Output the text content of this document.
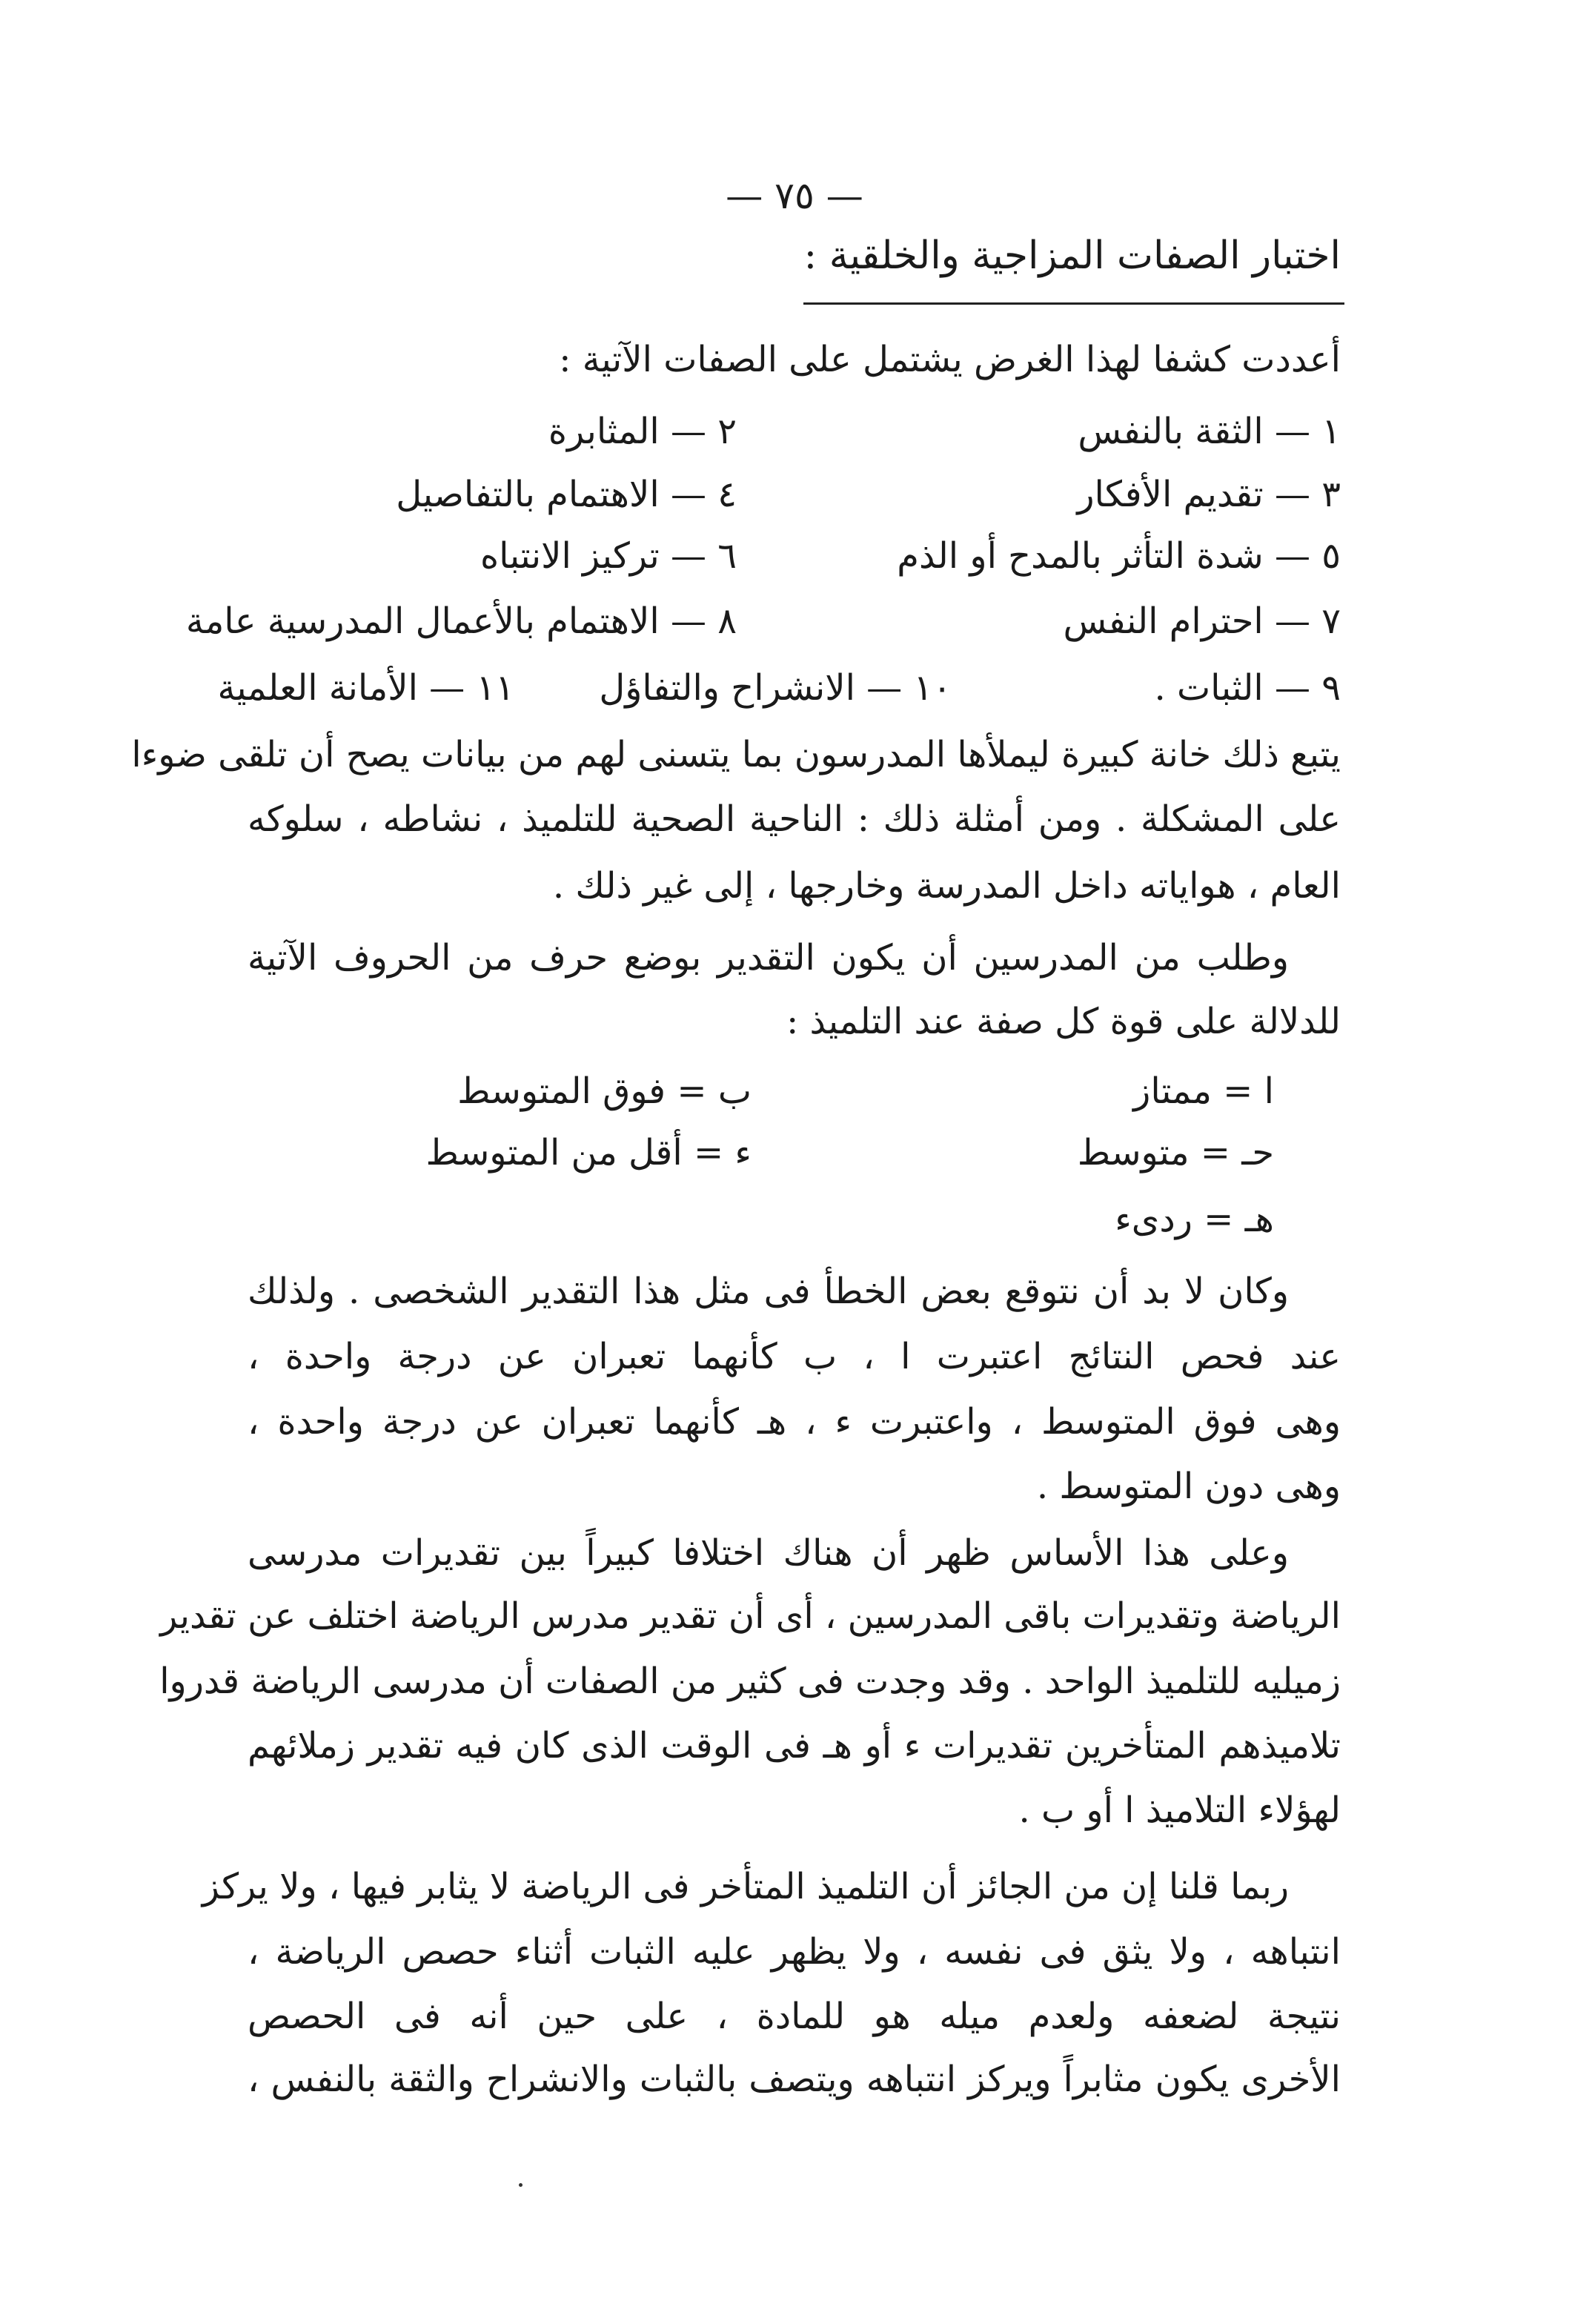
— ٧٥ —
اختبار الصفات المزاجية والخلقية :
أعددت كشفا لهذا الغرض يشتمل على الصفات الآتية :
١ — الثقة بالنفس
٢ — المثابرة
٣ — تقديم الأفكار
٤ — الاهتمام بالتفاصيل
٥ — شدة التأثر بالمدح أو الذم
٦ — تركيز الانتباه
٧ — احترام النفس
٨ — الاهتمام بالأعمال المدرسية عامة
٩ — الثبات .
١٠ — الانشراح والتفاؤل
١١ — الأمانة العلمية
يتبع ذلك خانة كبيرة ليملأها المدرسون بما يتسنى لهم من بيانات يصح أن تلقى ضوءا
على المشكلة . ومن أمثلة ذلك : الناحية الصحية للتلميذ ، نشاطه ، سلوكه
العام ، هواياته داخل المدرسة وخارجها ، إلى غير ذلك .
وطلب من المدرسين أن يكون التقدير بوضع حرف من الحروف الآتية
للدلالة على قوة كل صفة عند التلميذ :
ا = ممتاز
ب = فوق المتوسط
حـ = متوسط
ء = أقل من المتوسط
هـ = ردىء
وكان لا بد أن نتوقع بعض الخطأ فى مثل هذا التقدير الشخصى . ولذلك
عند فحص النتائج اعتبرت ا ، ب كأنهما تعبران عن درجة واحدة ،
وهى فوق المتوسط ، واعتبرت ء ، هـ كأنهما تعبران عن درجة واحدة ،
وهى دون المتوسط .
وعلى هذا الأساس ظهر أن هناك اختلافا كبيراً بين تقديرات مدرسى
الرياضة وتقديرات باقى المدرسين ، أى أن تقدير مدرس الرياضة اختلف عن تقدير
زميليه للتلميذ الواحد . وقد وجدت فى كثير من الصفات أن مدرسى الرياضة قدروا
تلاميذهم المتأخرين تقديرات ء أو هـ فى الوقت الذى كان فيه تقدير زملائهم
لهؤلاء التلاميذ ا أو ب .
ربما قلنا إن من الجائز أن التلميذ المتأخر فى الرياضة لا يثابر فيها ، ولا يركز
انتباهه ، ولا يثق فى نفسه ، ولا يظهر عليه الثبات أثناء حصص الرياضة ،
نتيجة لضعفه ولعدم ميله هو للمادة ، على حين أنه فى الحصص
الأخرى يكون مثابراً ويركز انتباهه ويتصف بالثبات والانشراح والثقة بالنفس ،
